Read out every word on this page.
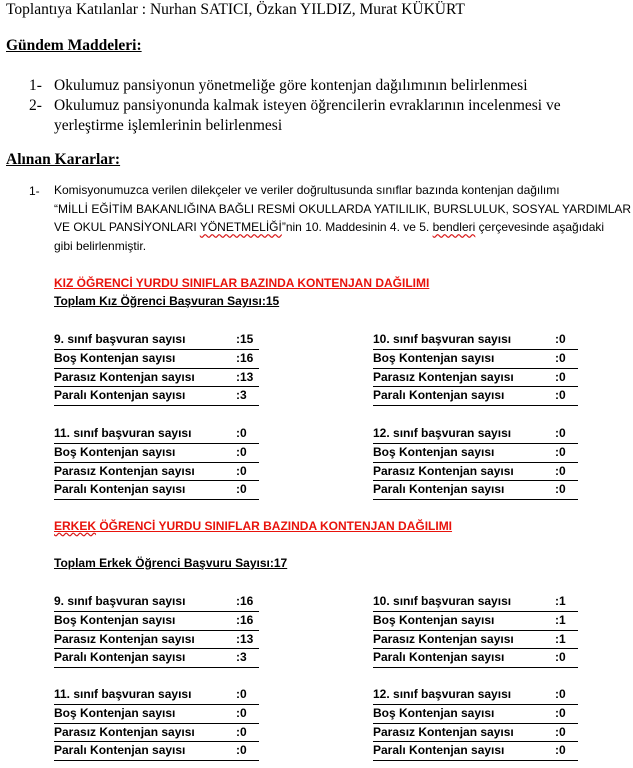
Toplantıya Katılanlar : Nurhan SATICI, Özkan YILDIZ, Murat KÜKÜRT
Gündem Maddeleri:
1- Okulumuz pansiyonun yönetmeliğe göre kontenjan dağılımının belirlenmesi
2- Okulumuz pansiyonunda kalmak isteyen öğrencilerin evraklarının incelenmesi ve
yerleştirme işlemlerinin belirlenmesi
Alınan Kararlar:
1- Komisyonumuzca verilen dilekçeler ve veriler doğrultusunda sınıflar bazında kontenjan dağılımı
“MİLLİ EĞİTİM BAKANLIĞINA BAĞLI RESMİ OKULLARDA YATILILIK, BURSLULUK, SOSYAL YARDIMLAR
VE OKUL PANSİYONLARI YÖNETMELİĞİ”nin 10. Maddesinin 4. ve 5. bendleri çerçevesinde aşağıdaki
gibi belirlenmiştir.
KIZ ÖĞRENCİ YURDU SINIFLAR BAZINDA KONTENJAN DAĞILIMI
Toplam Kız Öğrenci Başvuran Sayısı:15
9. sınıf başvuran sayısı	:15
Boş Kontenjan sayısı	:16
Parasız Kontenjan sayısı	:13
Paralı Kontenjan sayısı	:3
10. sınıf başvuran sayısı	:0
Boş Kontenjan sayısı	:0
Parasız Kontenjan sayısı	:0
Paralı Kontenjan sayısı	:0
11. sınıf başvuran sayısı	:0
Boş Kontenjan sayısı	:0
Parasız Kontenjan sayısı	:0
Paralı Kontenjan sayısı	:0
12. sınıf başvuran sayısı	:0
Boş Kontenjan sayısı	:0
Parasız Kontenjan sayısı	:0
Paralı Kontenjan sayısı	:0
ERKEK ÖĞRENCİ YURDU SINIFLAR BAZINDA KONTENJAN DAĞILIMI
Toplam Erkek Öğrenci Başvuru Sayısı:17
9. sınıf başvuran sayısı	:16
Boş Kontenjan sayısı	:16
Parasız Kontenjan sayısı	:13
Paralı Kontenjan sayısı	:3
10. sınıf başvuran sayısı	:1
Boş Kontenjan sayısı	:1
Parasız Kontenjan sayısı	:1
Paralı Kontenjan sayısı	:0
11. sınıf başvuran sayısı	:0
Boş Kontenjan sayısı	:0
Parasız Kontenjan sayısı	:0
Paralı Kontenjan sayısı	:0
12. sınıf başvuran sayısı	:0
Boş Kontenjan sayısı	:0
Parasız Kontenjan sayısı	:0
Paralı Kontenjan sayısı	:0
